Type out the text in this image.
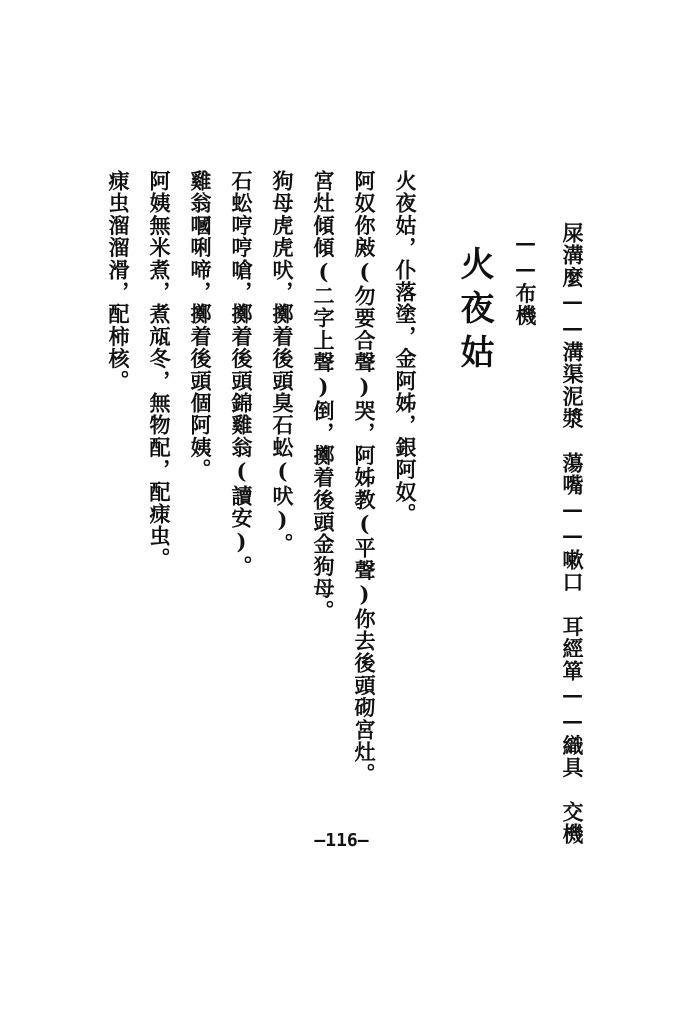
屎溝麼——溝渠泥漿　蕩嘴——嗽口　耳經箪——織具　交機
——布機
火夜姑
火夜姑，仆落塗，金阿姊，銀阿奴。
阿奴你㪐(勿要合聲)哭，阿姊教(平聲)你去後頭砌宮灶。
宮灶傾傾(二字上聲)倒，擲着後頭金狗母。
狗母虎虎吠，擲着後頭臭石蚣(吠)。
石蚣哼哼嗆，擲着後頭錦雞翁(讀安)。
雞翁嘓唎啼，擲着後頭個阿姨。
阿姨無米煮，煮㼚冬，無物配，配㾊虫。
㾊虫溜溜滑，配柿核。
—116—
